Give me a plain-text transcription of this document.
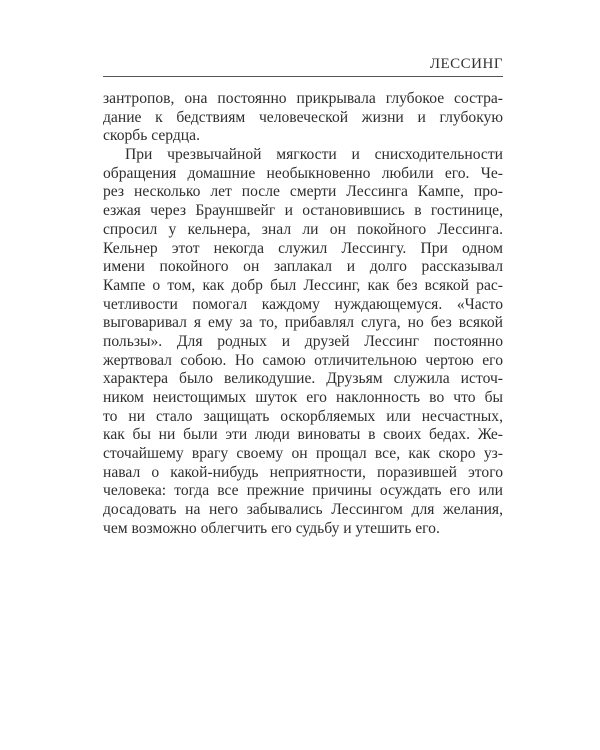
ЛЕССИНГ
зантропов, она постоянно прикрывала глубокое состра-
дание к бедствиям человеческой жизни и глубокую
скорбь сердца.
При чрезвычайной мягкости и снисходительности
обращения домашние необыкновенно любили его. Че-
рез несколько лет после смерти Лессинга Кампе, про-
езжая через Брауншвейг и остановившись в гостинице,
спросил у кельнера, знал ли он покойного Лессинга.
Кельнер этот некогда служил Лессингу. При одном
имени покойного он заплакал и долго рассказывал
Кампе о том, как добр был Лессинг, как без всякой рас-
четливости помогал каждому нуждающемуся. «Часто
выговаривал я ему за то, прибавлял слуга, но без всякой
пользы». Для родных и друзей Лессинг постоянно
жертвовал собою. Но самою отличительною чертою его
характера было великодушие. Друзьям служила источ-
ником неистощимых шуток его наклонность во что бы
то ни стало защищать оскорбляемых или несчастных,
как бы ни были эти люди виноваты в своих бедах. Же-
сточайшему врагу своему он прощал все, как скоро уз-
навал о какой-нибудь неприятности, поразившей этого
человека: тогда все прежние причины осуждать его или
досадовать на него забывались Лессингом для желания,
чем возможно облегчить его судьбу и утешить его.
